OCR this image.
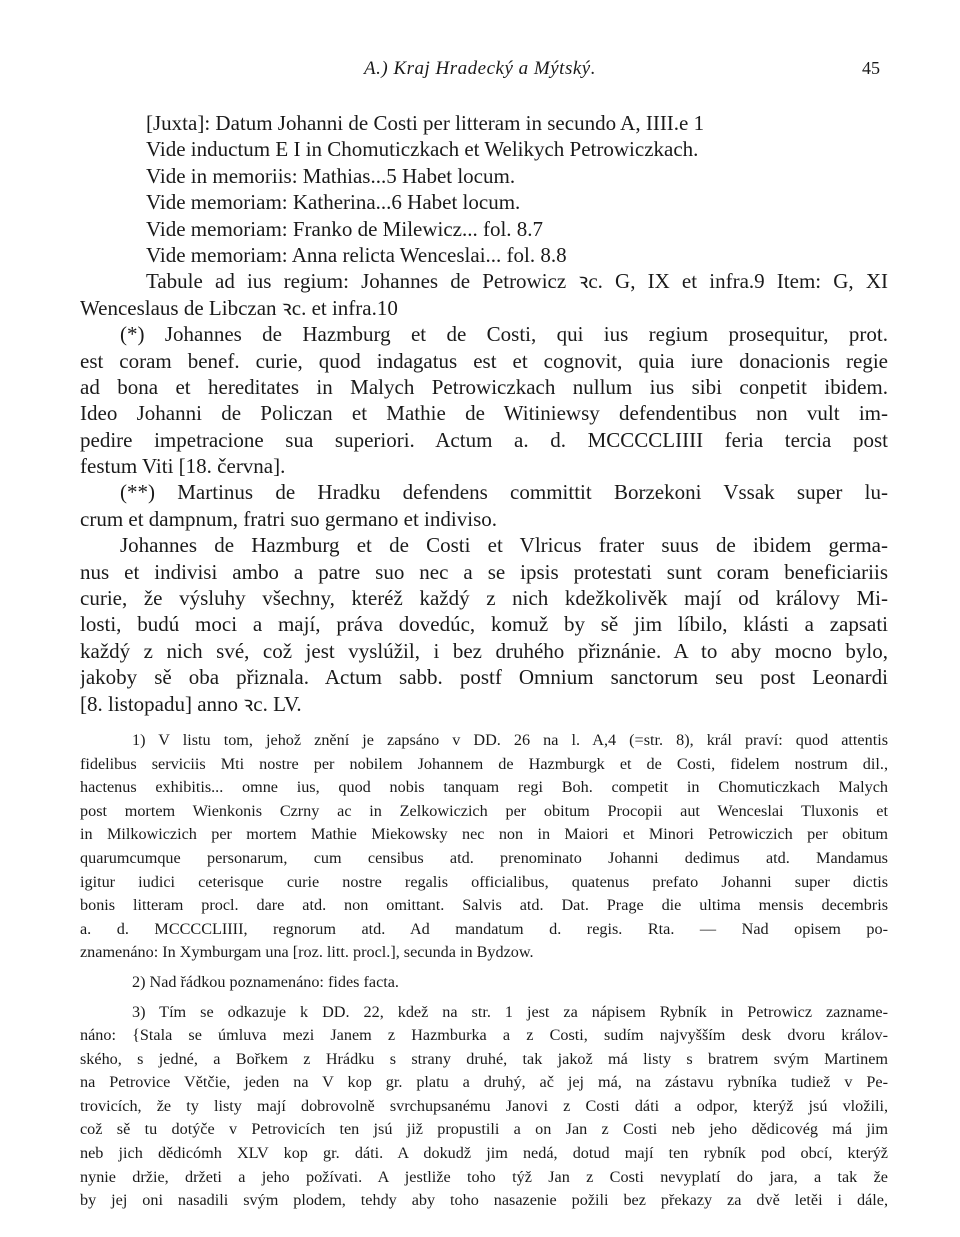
A.) Kraj Hradecký a Mýtský.	45
[Juxta]: Datum Johanni de Costi per litteram in secundo A, IIII.e 1
Vide inductum E I in Chomuticzkach et Welikych Petrowiczkach.
Vide in memoriis: Mathias...5 Habet locum.
Vide memoriam: Katherina...6 Habet locum.
Vide memoriam: Franko de Milewicz... fol. 8.7
Vide memoriam: Anna relicta Wenceslai... fol. 8.8
Tabule ad ius regium: Johannes de Petrowicz ꝛc. G, IX et infra.9 Item: G, XI
Wenceslaus de Libczan ꝛc. et infra.10
(*) Johannes de Hazmburg et de Costi, qui ius regium prosequitur, prot.
est coram benef. curie, quod indagatus est et cognovit, quia iure donacionis regie
ad bona et hereditates in Malych Petrowiczkach nullum ius sibi conpetit ibidem.
Ideo Johanni de Policzan et Mathie de Witiniewsy defendentibus non vult im-
pedire impetracione sua superiori. Actum a. d. MCCCCLIIII feria tercia post
festum Viti [18. června].
(**) Martinus de Hradku defendens committit Borzekoni Vssak super lu-
crum et dampnum, fratri suo germano et indiviso.
Johannes de Hazmburg et de Costi et Vlricus frater suus de ibidem germa-
nus et indivisi ambo a patre suo nec a se ipsis protestati sunt coram beneficiariis
curie, že výsluhy všechny, kteréž každý z nich kdežkolivěk mají od královy Mi-
losti, budú moci a mají, práva dovedúc, komuž by sě jim líbilo, klásti a zapsati
každý z nich své, což jest vyslúžil, i bez druhého přiznánie. A to aby mocno bylo,
jakoby sě oba přiznala. Actum sabb. postf Omnium sanctorum seu post Leonardi
[8. listopadu] anno ꝛc. LV.
1) V listu tom, jehož znění je zapsáno v DD. 26 na l. A,4 (=str. 8), král praví: quod attentis
fidelibus serviciis Mti nostre per nobilem Johannem de Hazmburgk et de Costi, fidelem nostrum dil.,
hactenus exhibitis... omne ius, quod nobis tanquam regi Boh. competit in Chomuticzkach Malych
post mortem Wienkonis Czrny ac in Zelkowiczich per obitum Procopii aut Wenceslai Tluxonis et
in Milkowiczich per mortem Mathie Miekowsky nec non in Maiori et Minori Petrowiczich per obitum
quarumcumque personarum, cum censibus atd. prenominato Johanni dedimus atd. Mandamus
igitur iudici ceterisque curie nostre regalis officialibus, quatenus prefato Johanni super dictis
bonis litteram procl. dare atd. non omittant. Salvis atd. Dat. Prage die ultima mensis decembris
a. d. MCCCCLIIII, regnorum atd. Ad mandatum d. regis. Rta. — Nad opisem po-
znamenáno: In Xymburgam una [roz. litt. procl.], secunda in Bydzow.
2) Nad řádkou poznamenáno: fides facta.
3) Tím se odkazuje k DD. 22, kdež na str. 1 jest za nápisem Rybník in Petrowicz zazname-
náno: {Stala se úmluva mezi Janem z Hazmburka a z Costi, sudím najvyšším desk dvoru králov-
ského, s jedné, a Bořkem z Hrádku s strany druhé, tak jakož má listy s bratrem svým Martinem
na Petrovice Větčie, jeden na V kop gr. platu a druhý, ač jej má, na zástavu rybníka tudiež v Pe-
trovicích, že ty listy mají dobrovolně svrchupsanému Janovi z Costi dáti a odpor, kterýž jsú vložili,
což sě tu dotýče v Petrovicích ten jsú již propustili a on Jan z Costi neb jeho dědicovég má jim
neb jich dědicómh XLV kop gr. dáti. A dokudž jim nedá, dotud mají ten rybník pod obcí, kterýž
nynie držie, držeti a jeho požívati. A jestliže toho týž Jan z Costi nevyplatí do jara, a tak že
by jej oni nasadili svým plodem, tehdy aby toho nasazenie požili bez překazy za dvě letěi i dále,
